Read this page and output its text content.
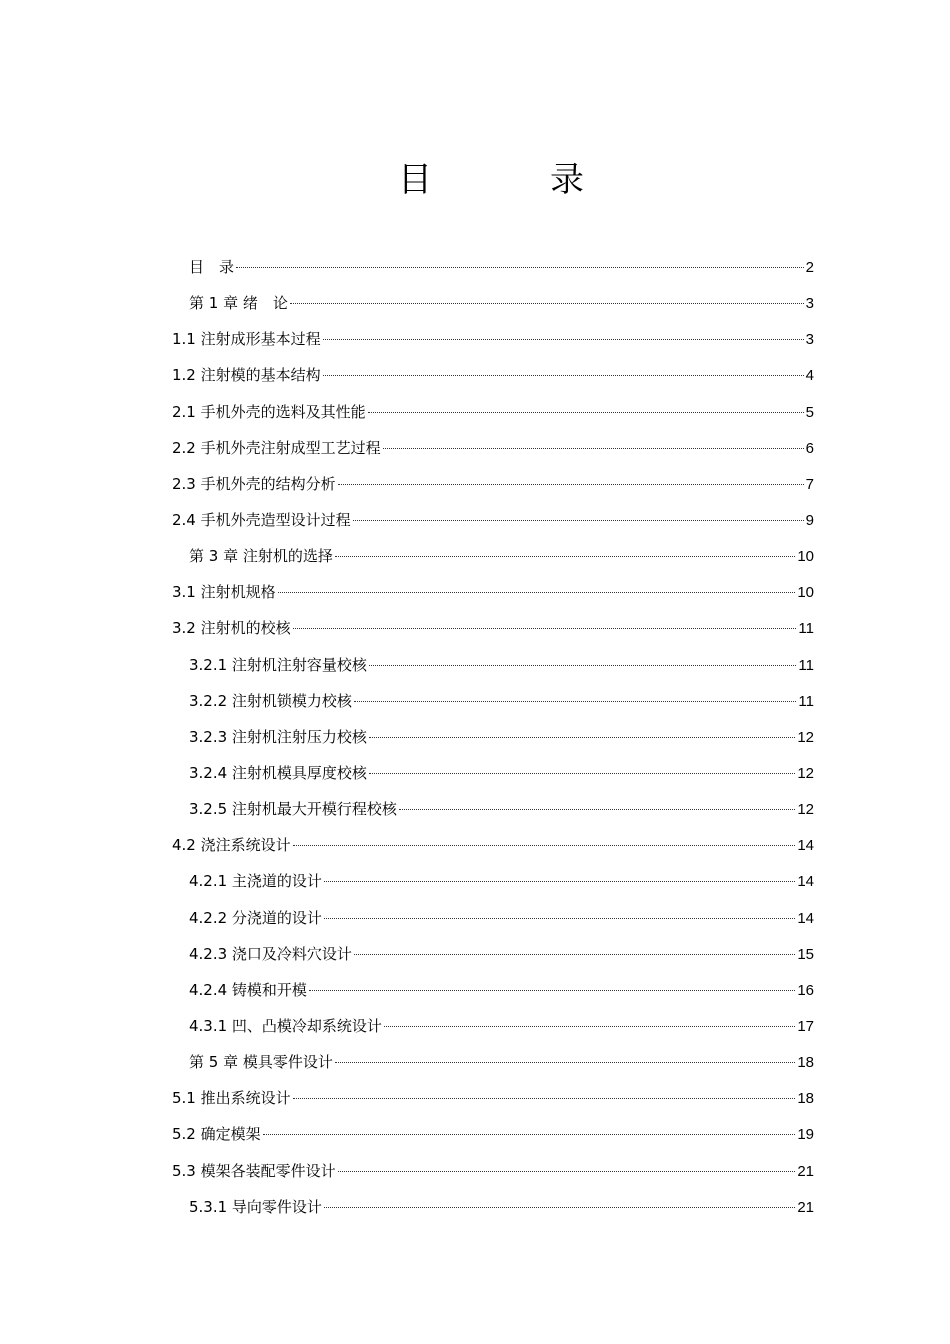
目　录
目　录	2
第 1 章 绪　论	3
1.1 注射成形基本过程	3
1.2 注射模的基本结构	4
2.1 手机外壳的选料及其性能	5
2.2 手机外壳注射成型工艺过程	6
2.3 手机外壳的结构分析	7
2.4 手机外壳造型设计过程	9
第 3 章 注射机的选择	10
3.1 注射机规格	10
3.2 注射机的校核	11
3.2.1 注射机注射容量校核	11
3.2.2 注射机锁模力校核	11
3.2.3 注射机注射压力校核	12
3.2.4 注射机模具厚度校核	12
3.2.5 注射机最大开模行程校核	12
4.2 浇注系统设计	14
4.2.1 主浇道的设计	14
4.2.2 分浇道的设计	14
4.2.3 浇口及冷料穴设计	15
4.2.4 铸模和开模	16
4.3.1 凹、凸模冷却系统设计	17
第 5 章 模具零件设计	18
5.1 推出系统设计	18
5.2 确定模架	19
5.3 模架各装配零件设计	21
5.3.1 导向零件设计	21
